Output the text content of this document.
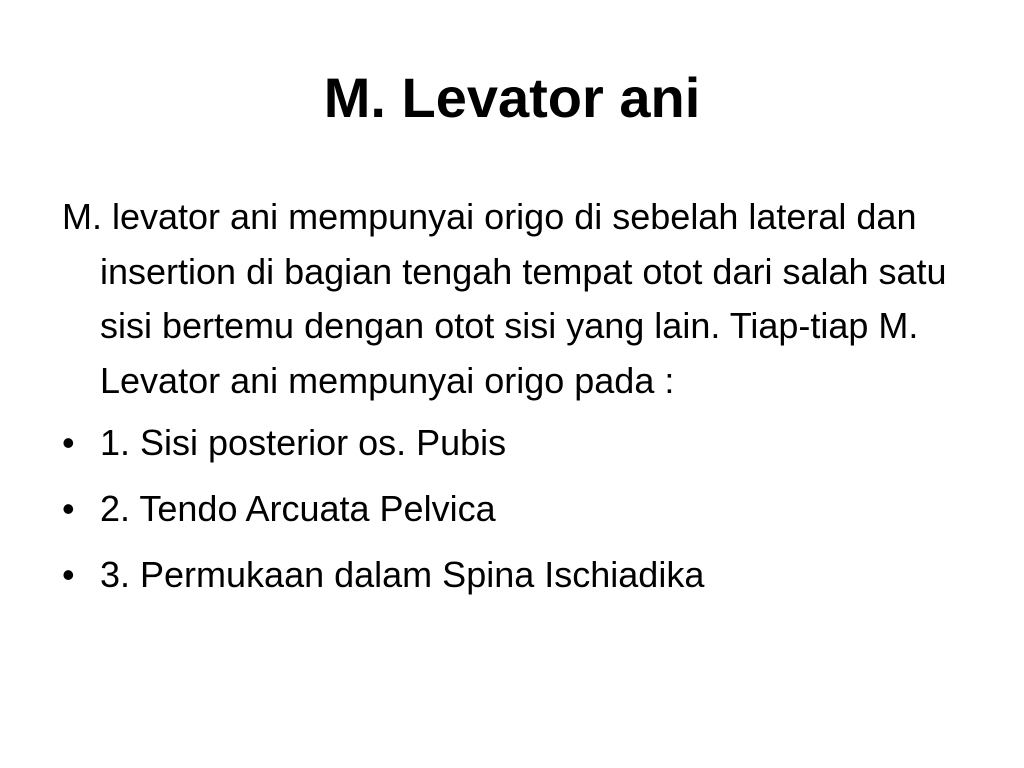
M. Levator ani

M. levator ani mempunyai origo di sebelah lateral dan insertion di bagian tengah tempat otot dari salah satu sisi bertemu dengan otot sisi yang lain. Tiap-tiap M. Levator ani mempunyai origo pada :

• 1. Sisi posterior os. Pubis
• 2. Tendo Arcuata Pelvica
• 3. Permukaan dalam Spina Ischiadika
